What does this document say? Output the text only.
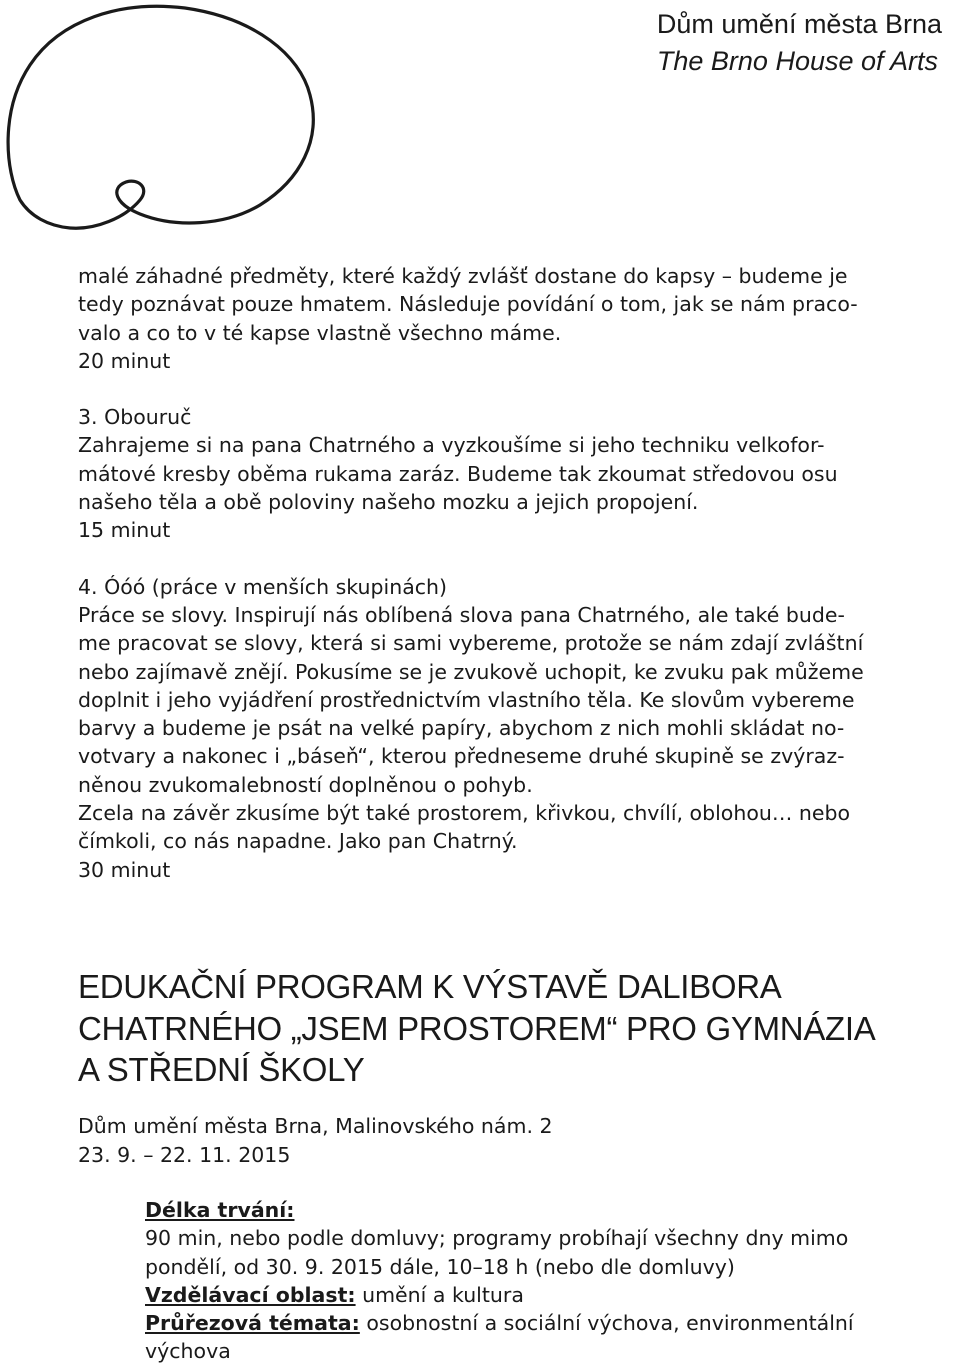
Dům umění města Brna
The Brno House of Arts

malé záhadné předměty, které každý zvlášť dostane do kapsy – budeme je

tedy poznávat pouze hmatem. Následuje povídání o tom, jak se nám praco-

valo a co to v té kapse vlastně všechno máme.

20 minut

3. Obouruč

Zahrajeme si na pana Chatrného a vyzkoušíme si jeho techniku velkofor-

mátové kresby oběma rukama zaráz. Budeme tak zkoumat středovou osu

našeho těla a obě poloviny našeho mozku a jejich propojení.

15 minut

4. Óóó (práce v menších skupinách)

Práce se slovy. Inspirují nás oblíbená slova pana Chatrného, ale také bude-

me pracovat se slovy, která si sami vybereme, protože se nám zdají zvláštní

nebo zajímavě znějí. Pokusíme se je zvukově uchopit, ke zvuku pak můžeme

doplnit i jeho vyjádření prostřednictvím vlastního těla. Ke slovům vybereme

barvy a budeme je psát na velké papíry, abychom z nich mohli skládat no-

votvary a nakonec i „báseň“, kterou předneseme druhé skupině se zvýraz-

něnou zvukomalebností doplněnou o pohyb.

Zcela na závěr zkusíme být také prostorem, křivkou, chvílí, oblohou… nebo

čímkoli, co nás napadne. Jako pan Chatrný.

30 minut

EDUKAČNÍ PROGRAM K VÝSTAVĚ DALIBORA
CHATRNÉHO „JSEM PROSTOREM“ PRO GYMNÁZIA
A STŘEDNÍ ŠKOLY
Dům umění města Brna, Malinovského nám. 2
23. 9. – 22. 11. 2015

Délka trvání:

90 min, nebo podle domluvy; programy probíhají všechny dny mimo

pondělí, od 30. 9. 2015 dále, 10–18 h (nebo dle domluvy)

Vzdělávací oblast: umění a kultura

Průřezová témata: osobnostní a sociální výchova, environmentální

výchova
